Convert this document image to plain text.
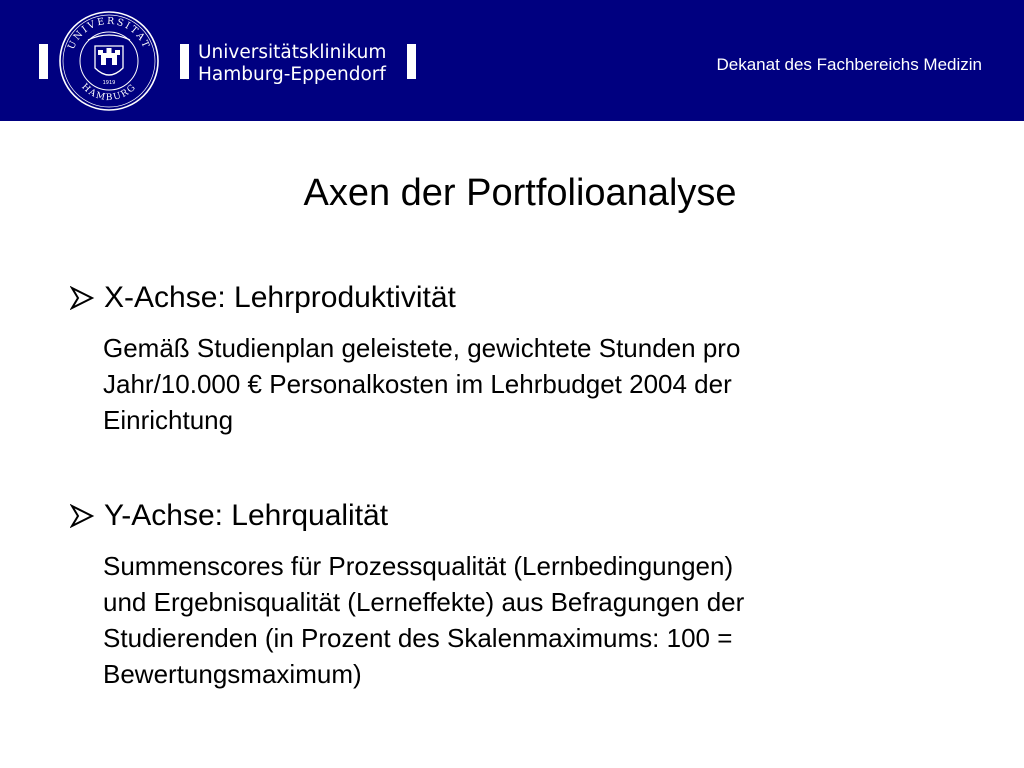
UNIVERSITAT
HAMBURG
1919
Universitätsklinikum
Hamburg-Eppendorf	Dekanat des Fachbereichs Medizin
Axen der Portfolioanalyse
X-Achse: Lehrproduktivität
Gemäß Studienplan geleistete, gewichtete Stunden pro
Jahr/10.000 € Personalkosten im Lehrbudget 2004 der
Einrichtung
Y-Achse: Lehrqualität
Summenscores für Prozessqualität (Lernbedingungen)
und Ergebnisqualität (Lerneffekte) aus Befragungen der
Studierenden (in Prozent des Skalenmaximums: 100 =
Bewertungsmaximum)
